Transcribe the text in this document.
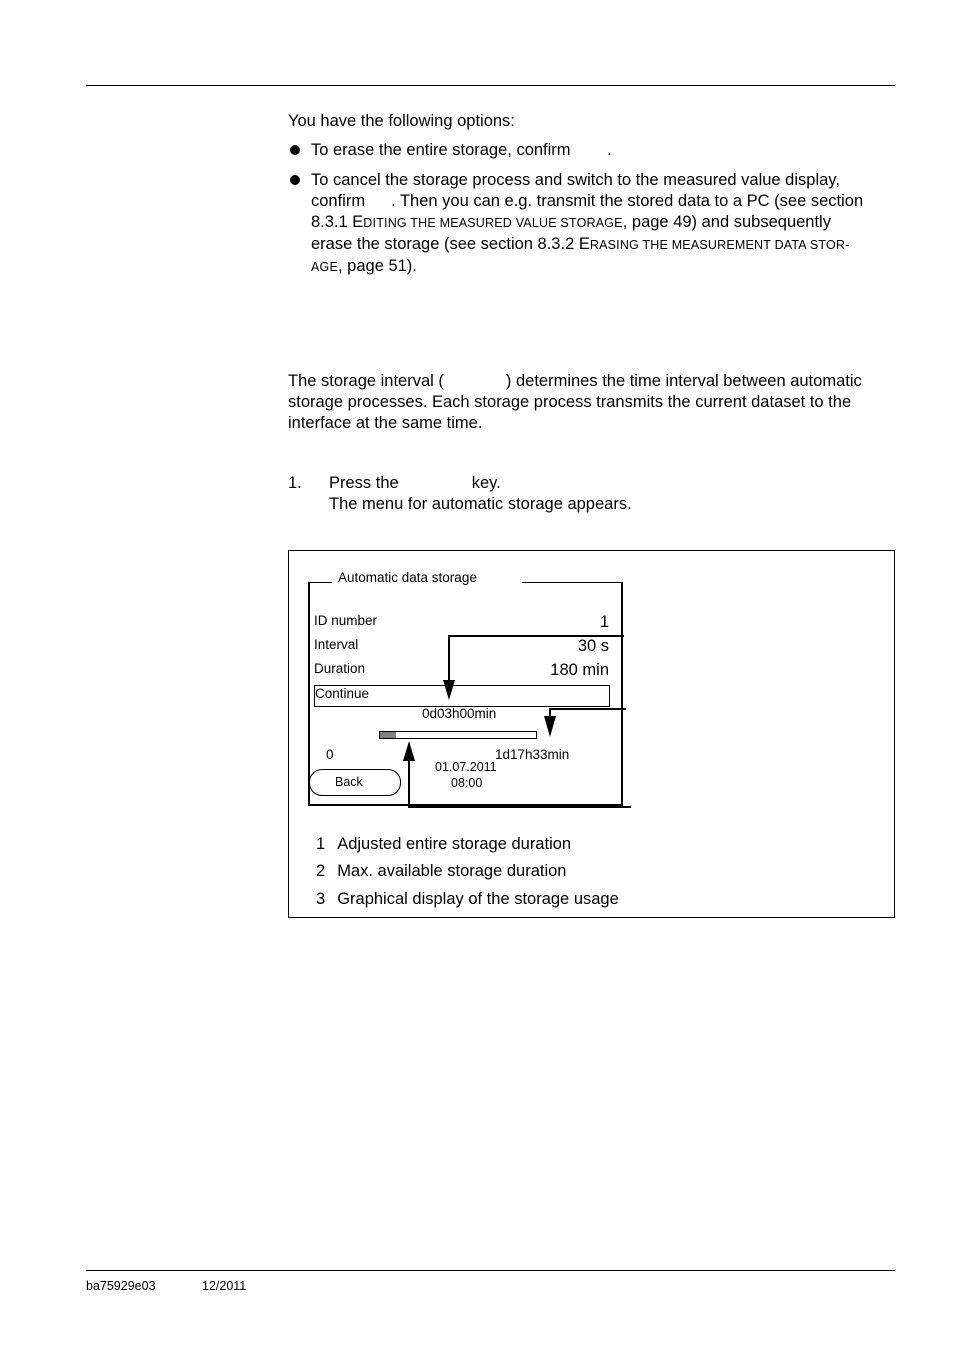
You have the following options:
To erase the entire storage, confirm .
To cancel the storage process and switch to the measured value display,
confirm . Then you can e.g. transmit the stored data to a PC (see section
8.3.1 EDITING THE MEASURED VALUE STORAGE, page 49) and subsequently
erase the storage (see section 8.3.2 ERASING THE MEASUREMENT DATA STOR-
AGE, page 51).
The storage interval (	) determines the time interval between automatic
storage processes. Each storage process transmits the current dataset to the
interface at the same time.
1. Press the	key.
The menu for automatic storage appears.
Automatic data storage
ID number	1
Interval	30 s
Duration	180 min
Continue
0d03h00min
0	1d17h33min
01.07.2011
08:00
Back
1 Adjusted entire storage duration
2 Max. available storage duration
3 Graphical display of the storage usage
ba75929e03	12/2011
